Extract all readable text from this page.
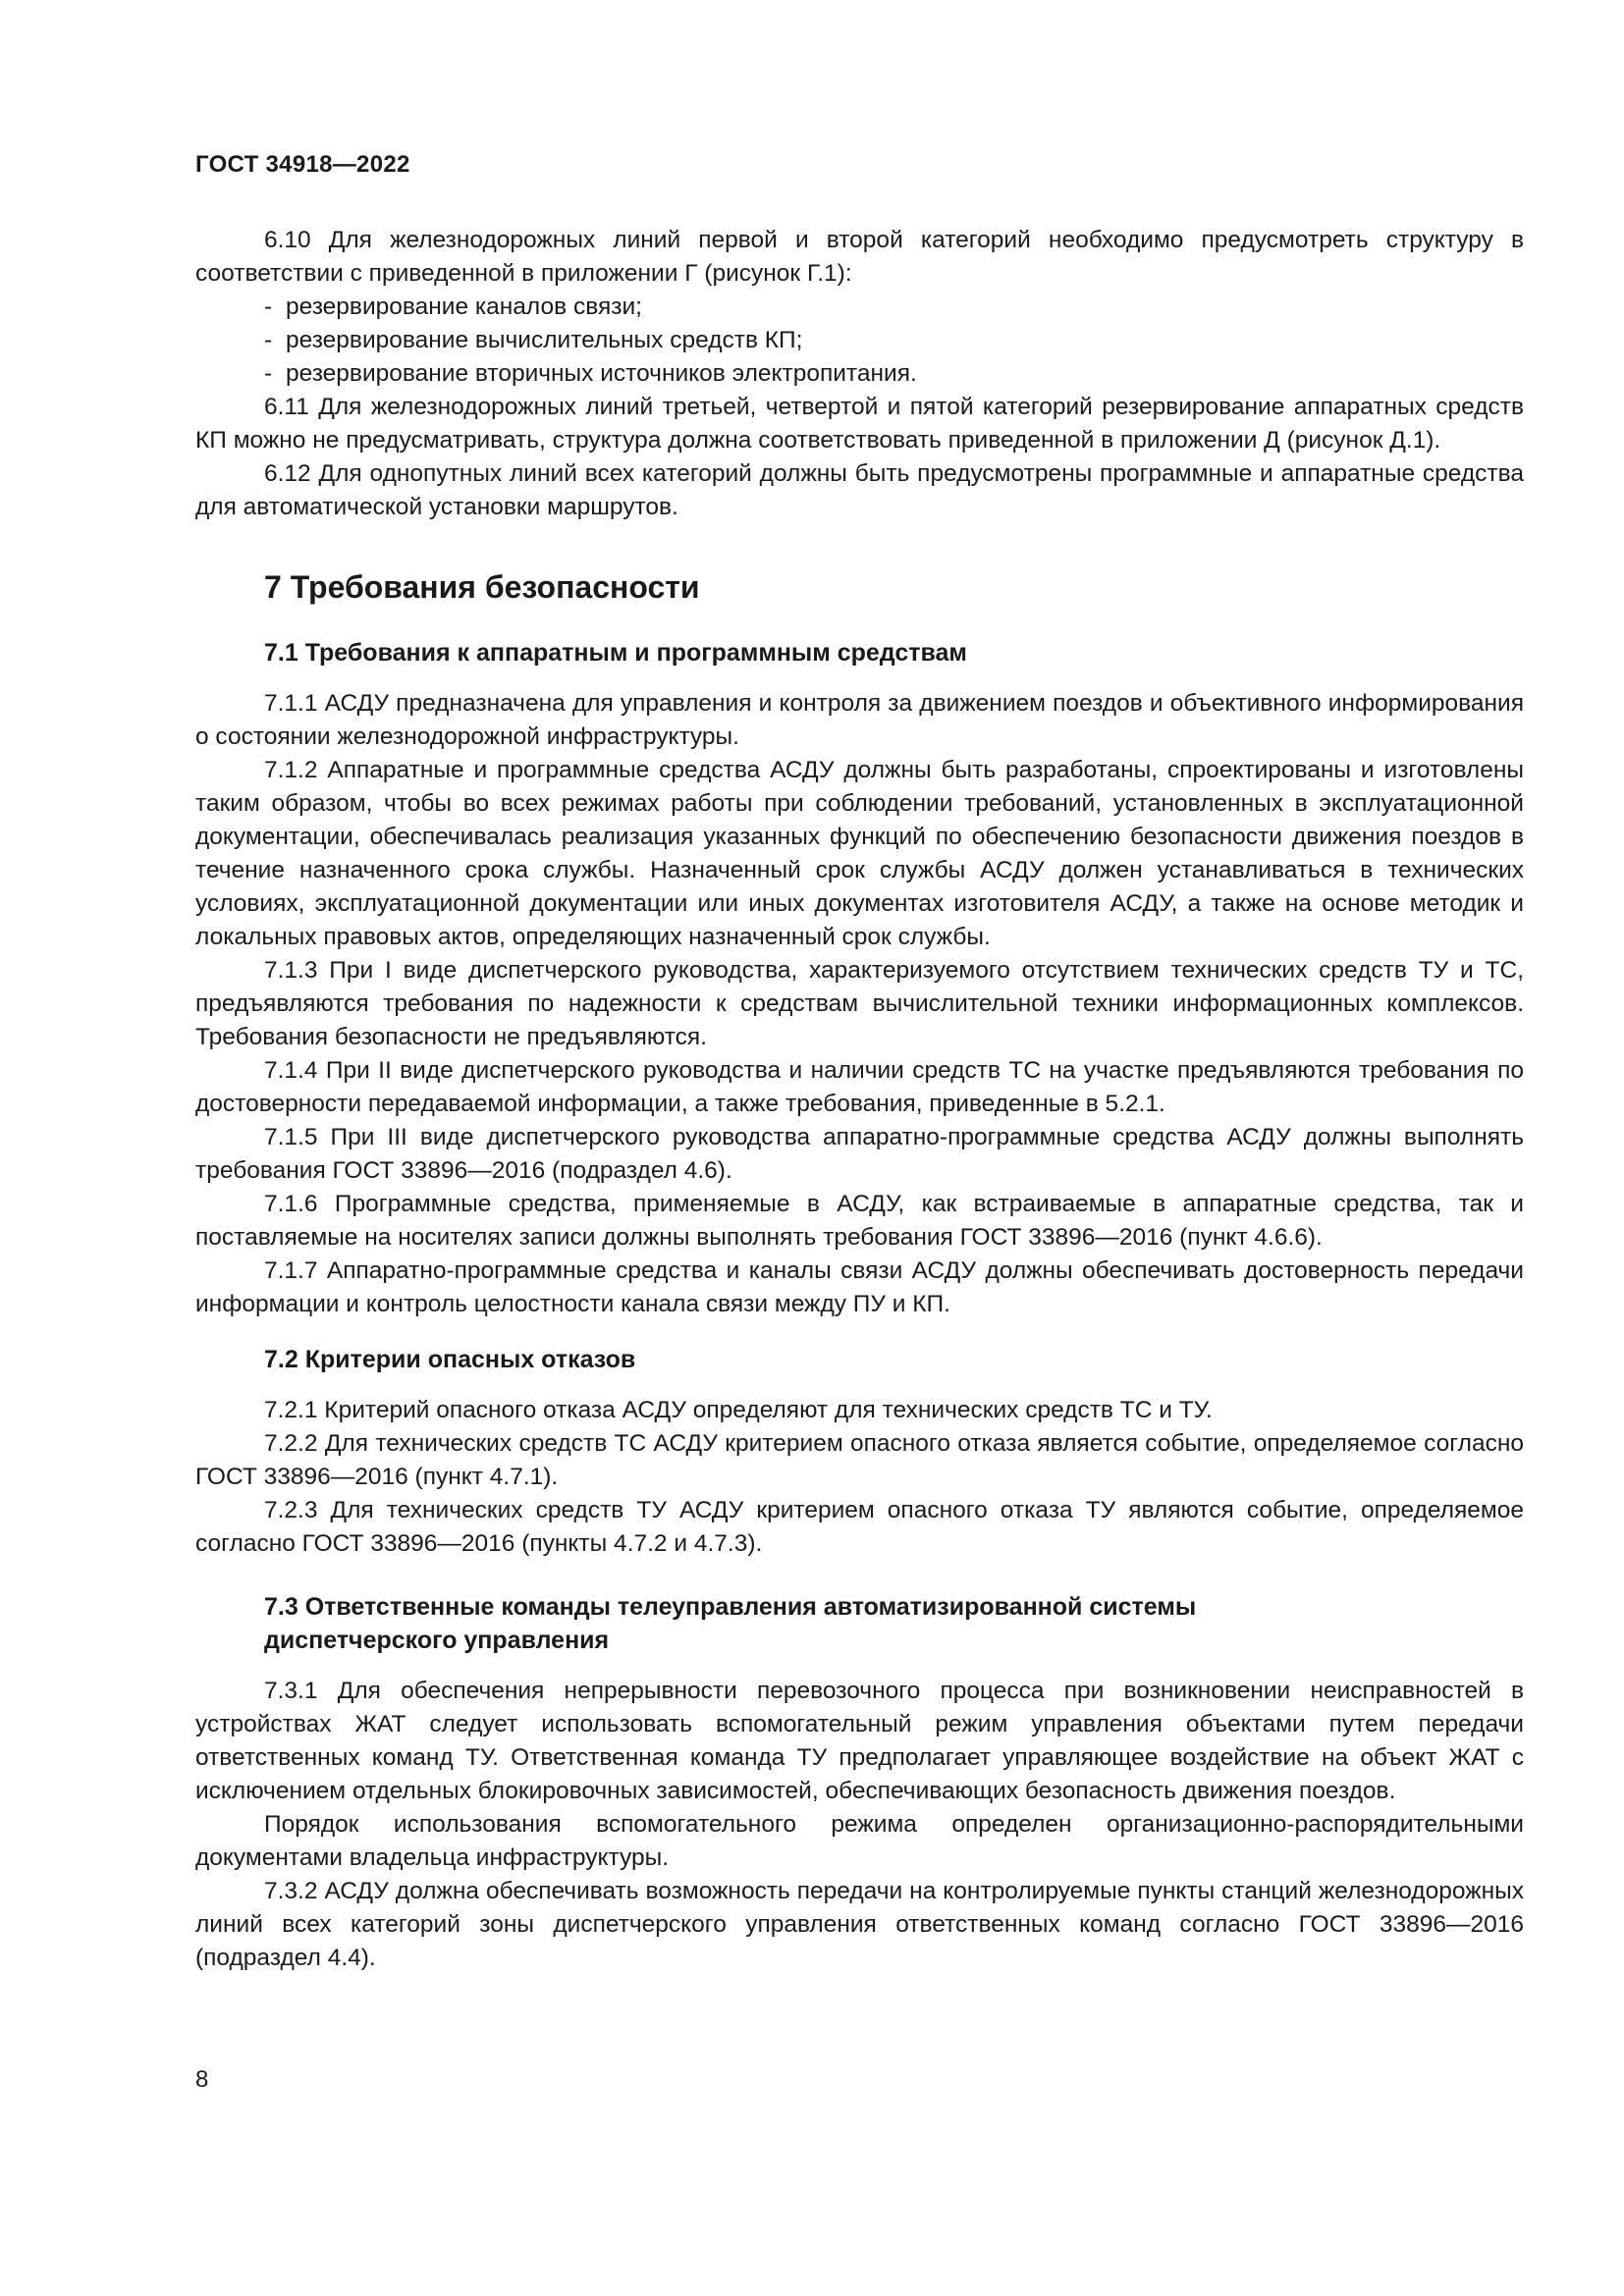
ГОСТ 34918—2022

6.10 Для железнодорожных линий первой и второй категорий необходимо предусмотреть структуру в соответствии с приведенной в приложении Г (рисунок Г.1):

- резервирование каналов связи;
- резервирование вычислительных средств КП;
- резервирование вторичных источников электропитания.

6.11 Для железнодорожных линий третьей, четвертой и пятой категорий резервирование аппаратных средств КП можно не предусматривать, структура должна соответствовать приведенной в приложении Д (рисунок Д.1).

6.12 Для однопутных линий всех категорий должны быть предусмотрены программные и аппаратные средства для автоматической установки маршрутов.

7 Требования безопасности
7.1 Требования к аппаратным и программным средствам

7.1.1 АСДУ предназначена для управления и контроля за движением поездов и объективного информирования о состоянии железнодорожной инфраструктуры.

7.1.2 Аппаратные и программные средства АСДУ должны быть разработаны, спроектированы и изготовлены таким образом, чтобы во всех режимах работы при соблюдении требований, установленных в эксплуатационной документации, обеспечивалась реализация указанных функций по обеспечению безопасности движения поездов в течение назначенного срока службы. Назначенный срок службы АСДУ должен устанавливаться в технических условиях, эксплуатационной документации или иных документах изготовителя АСДУ, а также на основе методик и локальных правовых актов, определяющих назначенный срок службы.

7.1.3 При I виде диспетчерского руководства, характеризуемого отсутствием технических средств ТУ и ТС, предъявляются требования по надежности к средствам вычислительной техники информационных комплексов. Требования безопасности не предъявляются.

7.1.4 При II виде диспетчерского руководства и наличии средств ТС на участке предъявляются требования по достоверности передаваемой информации, а также требования, приведенные в 5.2.1.

7.1.5 При III виде диспетчерского руководства аппаратно-программные средства АСДУ должны выполнять требования ГОСТ 33896—2016 (подраздел 4.6).

7.1.6 Программные средства, применяемые в АСДУ, как встраиваемые в аппаратные средства, так и поставляемые на носителях записи должны выполнять требования ГОСТ 33896—2016 (пункт 4.6.6).

7.1.7 Аппаратно-программные средства и каналы связи АСДУ должны обеспечивать достоверность передачи информации и контроль целостности канала связи между ПУ и КП.

7.2 Критерии опасных отказов

7.2.1 Критерий опасного отказа АСДУ определяют для технических средств ТС и ТУ.

7.2.2 Для технических средств ТС АСДУ критерием опасного отказа является событие, определяемое согласно ГОСТ 33896—2016 (пункт 4.7.1).

7.2.3 Для технических средств ТУ АСДУ критерием опасного отказа ТУ являются событие, определяемое согласно ГОСТ 33896—2016 (пункты 4.7.2 и 4.7.3).

7.3 Ответственные команды телеуправления автоматизированной системы
диспетчерского управления

7.3.1 Для обеспечения непрерывности перевозочного процесса при возникновении неисправностей в устройствах ЖАТ следует использовать вспомогательный режим управления объектами путем передачи ответственных команд ТУ. Ответственная команда ТУ предполагает управляющее воздействие на объект ЖАТ с исключением отдельных блокировочных зависимостей, обеспечивающих безопасность движения поездов.

Порядок использования вспомогательного режима определен организационно-распорядительными документами владельца инфраструктуры.

7.3.2 АСДУ должна обеспечивать возможность передачи на контролируемые пункты станций железнодорожных линий всех категорий зоны диспетчерского управления ответственных команд согласно ГОСТ 33896—2016 (подраздел 4.4).

8
